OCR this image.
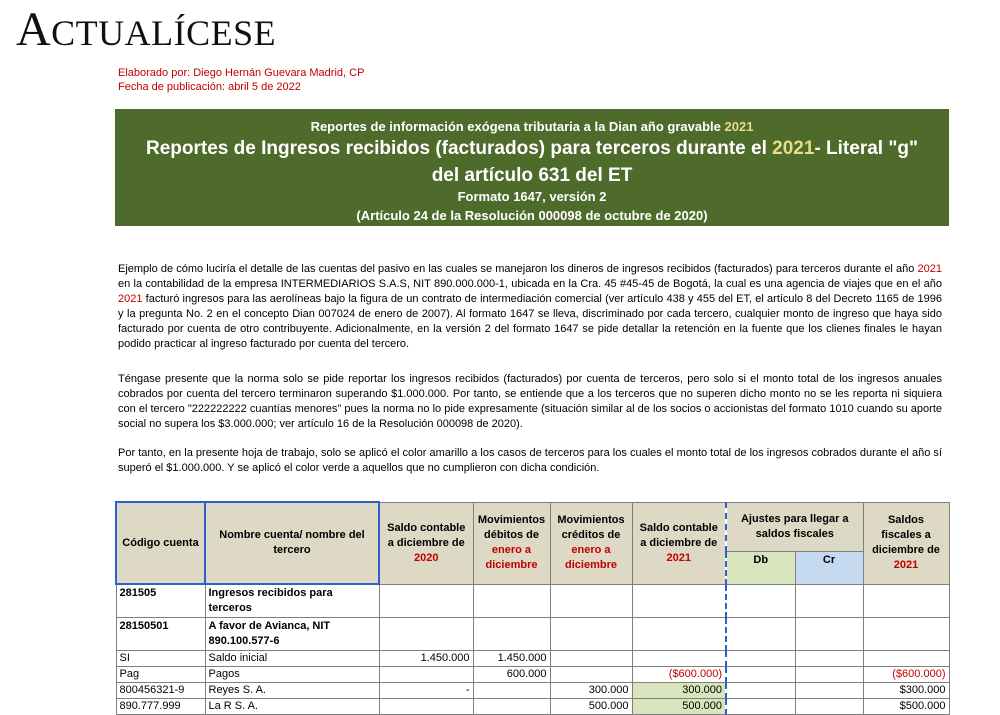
ACTUALÍCESE
Elaborado por: Diego Hernán Guevara Madrid, CP
Fecha de publicación: abril 5 de 2022
Reportes de información exógena tributaria a la Dian año gravable 2021
Reportes de Ingresos recibidos (facturados) para terceros durante el 2021- Literal "g" del artículo 631 del ET
Formato 1647, versión 2
(Artículo 24 de la Resolución 000098 de octubre de 2020)
Ejemplo de cómo luciría el detalle de las cuentas del pasivo en las cuales se manejaron los dineros de ingresos recibidos (facturados) para terceros durante el año 2021 en la contabilidad de la empresa INTERMEDIARIOS S.A.S, NIT 890.000.000-1, ubicada en la Cra. 45 #45-45 de Bogotá, la cual es una agencia de viajes que en el año 2021 facturó ingresos para las aerolíneas bajo la figura de un contrato de intermediación comercial (ver artículo 438 y 455 del ET, el artículo 8 del Decreto 1165 de 1996 y la pregunta No. 2 en el concepto Dian 007024 de enero de 2007). Al formato 1647 se lleva, discriminado por cada tercero, cualquier monto de ingreso que haya sido facturado por cuenta de otro contribuyente. Adicionalmente, en la versión 2 del formato 1647 se pide detallar la retención en la fuente que los clienes finales le hayan podido practicar al ingreso facturado por cuenta del tercero.
Téngase presente que la norma solo se pide reportar los ingresos recibidos (facturados) por cuenta de terceros, pero solo si el monto total de los ingresos anuales cobrados por cuenta del tercero terminaron superando $1.000.000. Por tanto, se entiende que a los terceros que no superen dicho monto no se les reporta ni siquiera con el tercero "222222222 cuantías menores" pues la norma no lo pide expresamente (situación similar al de los socios o accionistas del formato 1010 cuando su aporte social no supera los $3.000.000; ver artículo 16 de la Resolución 000098 de 2020).
Por tanto, en la presente hoja de trabajo, solo se aplicó el color amarillo a los casos de terceros para los cuales el monto total de los ingresos cobrados durante el año sí superó el $1.000.000. Y se aplicó el color verde a aquellos que no cumplieron con dicha condición.
Código cuenta	Nombre cuenta/ nombre del tercero	Saldo contable a diciembre de 2020	Movimientos débitos de enero a diciembre	Movimientos créditos de enero a diciembre	Saldo contable a diciembre de 2021	Ajustes para llegar a saldos fiscales		Saldos fiscales a diciembre de 2021
						Db	Cr	
281505	Ingresos recibidos para terceros							
28150501	A favor de Avianca, NIT 890.100.577-6							
SI	Saldo inicial	1.450.000	1.450.000					
Pag	Pagos		600.000		($600.000)			($600.000)
800456321-9	Reyes S. A.	-		300.000	300.000			$300.000
890.777.999	La R S. A.			500.000	500.000			$500.000
